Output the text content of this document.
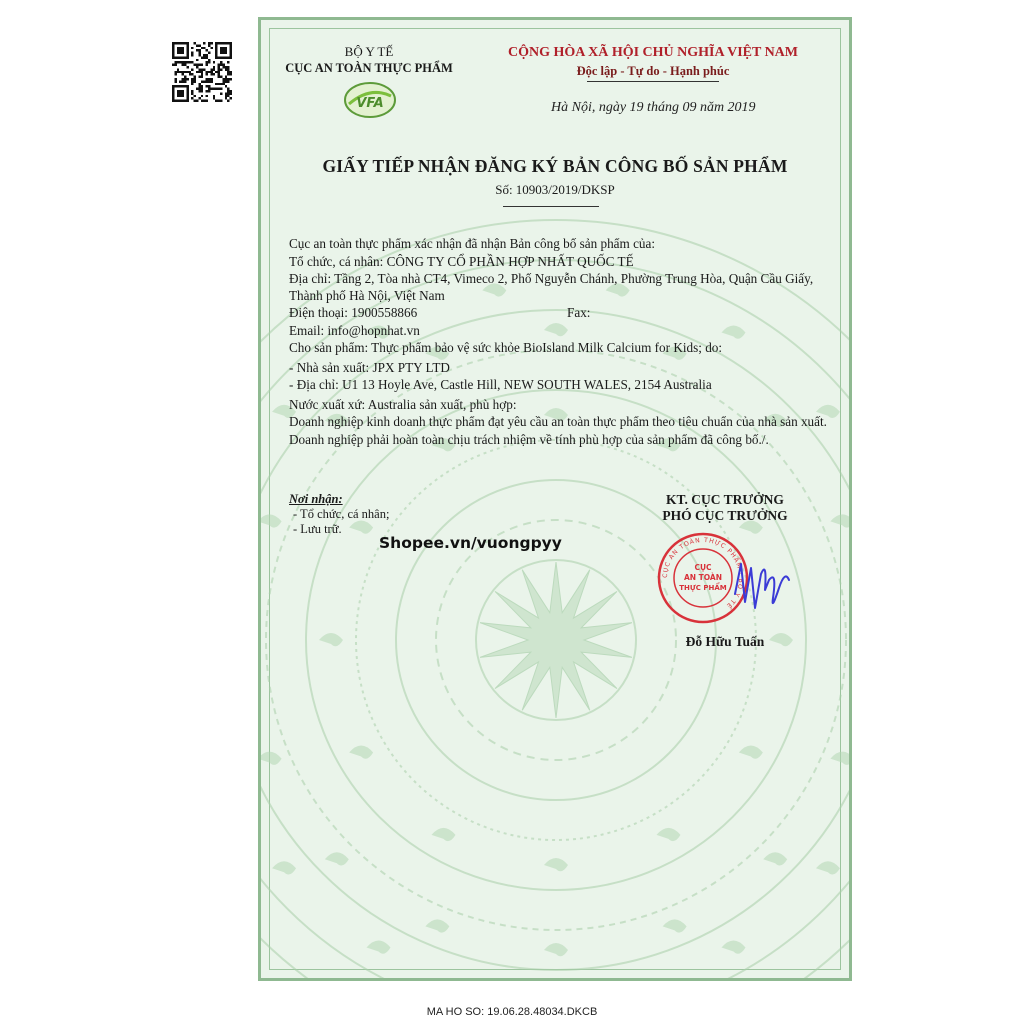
BỘ Y TẾ
CỤC AN TOÀN THỰC PHẨM
VFA
CỘNG HÒA XÃ HỘI CHỦ NGHĨA VIỆT NAM
Độc lập - Tự do - Hạnh phúc
Hà Nội, ngày 19 tháng 09 năm 2019
GIẤY TIẾP NHẬN ĐĂNG KÝ BẢN CÔNG BỐ SẢN PHẨM
Số: 10903/2019/DKSP

Cục an toàn thực phẩm xác nhận đã nhận Bản công bố sản phẩm của:

Tổ chức, cá nhân: CÔNG TY CỔ PHẦN HỢP NHẤT QUỐC TẾ

Địa chỉ: Tầng 2, Tòa nhà CT4, Vimeco 2, Phố Nguyễn Chánh, Phường Trung Hòa, Quận Cầu Giấy, Thành phố Hà Nội, Việt Nam

Điện thoại: 1900558866	Fax:

Email: info@hopnhat.vn

Cho sản phẩm: Thực phẩm bảo vệ sức khỏe BioIsland Milk Calcium for Kids; do:

- Nhà sản xuất: JPX PTY LTD

- Địa chỉ: U1 13 Hoyle Ave, Castle Hill, NEW SOUTH WALES, 2154 Australia

Nước xuất xứ: Australia sản xuất, phù hợp:

Doanh nghiệp kinh doanh thực phẩm đạt yêu cầu an toàn thực phẩm theo tiêu chuẩn của nhà sản xuất.

Doanh nghiệp phải hoàn toàn chịu trách nhiệm về tính phù hợp của sản phẩm đã công bố./.

Nơi nhận:
- Tổ chức, cá nhân;
- Lưu trữ.
Shopee.vn/vuongpyy
KT. CỤC TRƯỞNG
PHÓ CỤC TRƯỞNG
CỤC AN TOÀN THỰC PHẨM · BỘ Y TẾ
CỤC
AN TOÀN
THỰC PHẨM
Đỗ Hữu Tuấn
MA HO SO: 19.06.28.48034.DKCB
